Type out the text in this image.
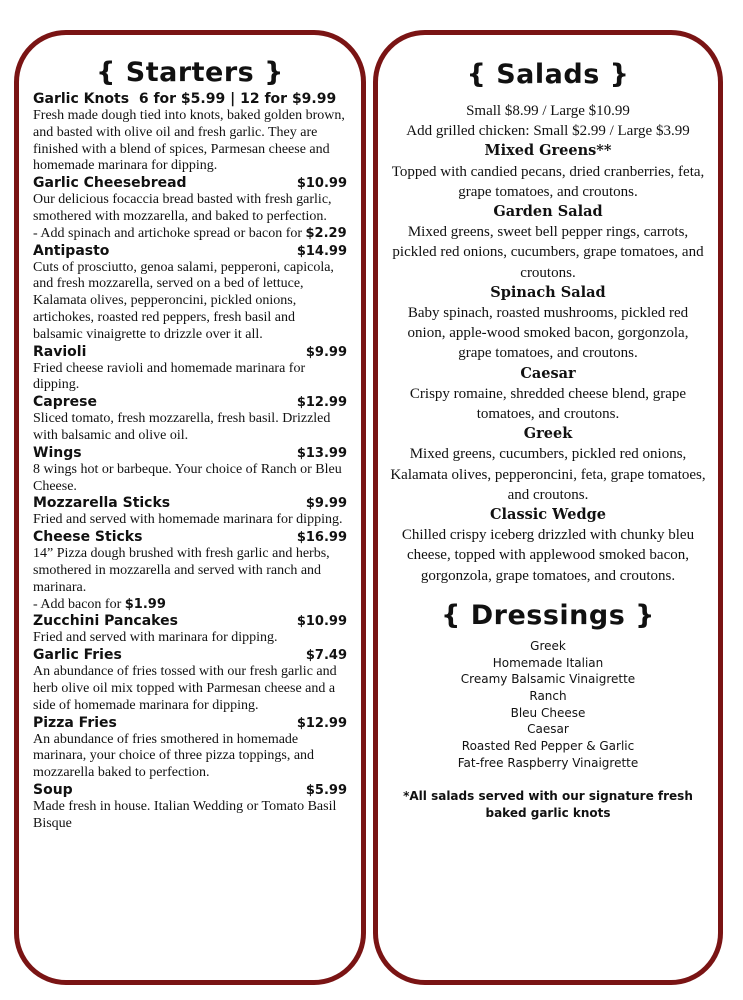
{ Starters }
Garlic Knots 6 for $5.99 | 12 for $9.99

Fresh made dough tied into knots, baked golden brown, and basted with olive oil and fresh garlic. They are finished with a blend of spices, Parmesan cheese and homemade marinara for dipping.

Garlic Cheesebread	$10.99

Our delicious focaccia bread basted with fresh garlic, smothered with mozzarella, and baked to perfection.

- Add spinach and artichoke spread or bacon for $2.29

Antipasto	$14.99

Cuts of prosciutto, genoa salami, pepperoni, capicola, and fresh mozzarella, served on a bed of lettuce, Kalamata olives, pepperoncini, pickled onions, artichokes, roasted red peppers, fresh basil and balsamic vinaigrette to drizzle over it all.

Ravioli	$9.99

Fried cheese ravioli and homemade marinara for dipping.

Caprese	$12.99

Sliced tomato, fresh mozzarella, fresh basil. Drizzled with balsamic and olive oil.

Wings	$13.99

8 wings hot or barbeque. Your choice of Ranch or Bleu Cheese.

Mozzarella Sticks	$9.99

Fried and served with homemade marinara for dipping.

Cheese Sticks	$16.99

14” Pizza dough brushed with fresh garlic and herbs, smothered in mozzarella and served with ranch and marinara.

- Add bacon for $1.99

Zucchini Pancakes	$10.99

Fried and served with marinara for dipping.

Garlic Fries	$7.49

An abundance of fries tossed with our fresh garlic and herb olive oil mix topped with Parmesan cheese and a side of homemade marinara for dipping.

Pizza Fries	$12.99

An abundance of fries smothered in homemade marinara, your choice of three pizza toppings, and mozzarella baked to perfection.

Soup	$5.99

Made fresh in house. Italian Wedding or Tomato Basil Bisque

{ Salads }

Small $8.99 / Large $10.99

Add grilled chicken: Small $2.99 / Large $3.99

Mixed Greens**

Topped with candied pecans, dried cranberries, feta, grape tomatoes, and croutons.

Garden Salad

Mixed greens, sweet bell pepper rings, carrots, pickled red onions, cucumbers, grape tomatoes, and croutons.

Spinach Salad

Baby spinach, roasted mushrooms, pickled red onion, apple-wood smoked bacon, gorgonzola, grape tomatoes, and croutons.

Caesar

Crispy romaine, shredded cheese blend, grape tomatoes, and croutons.

Greek

Mixed greens, cucumbers, pickled red onions, Kalamata olives, pepperoncini, feta, grape tomatoes, and croutons.

Classic Wedge

Chilled crispy iceberg drizzled with chunky bleu cheese, topped with applewood smoked bacon, gorgonzola, grape tomatoes, and croutons.

{ Dressings }
Greek
Homemade Italian
Creamy Balsamic Vinaigrette
Ranch
Bleu Cheese
Caesar
Roasted Red Pepper & Garlic
Fat-free Raspberry Vinaigrette
*All salads served with our signature fresh baked garlic knots
